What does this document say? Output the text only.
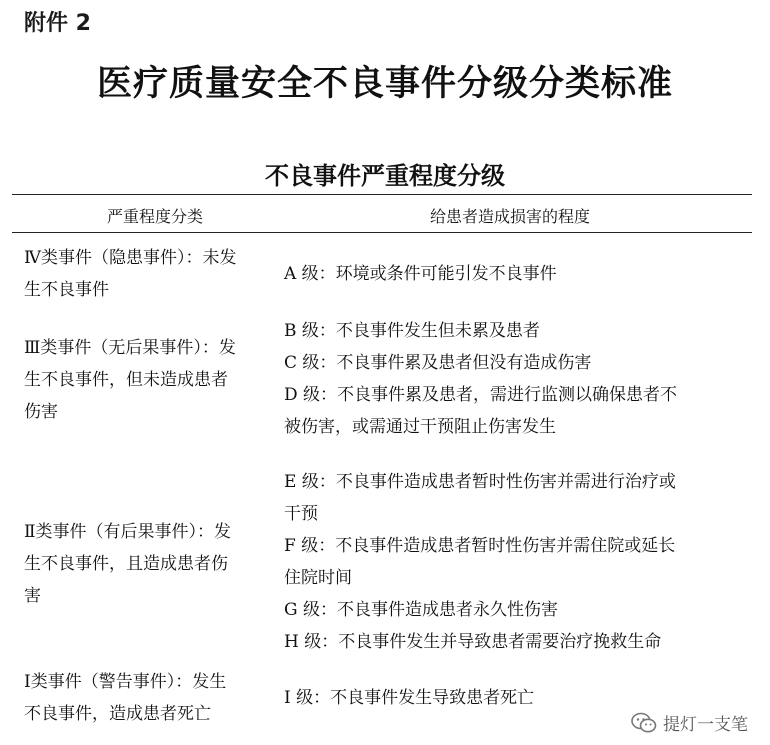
附件 2
医疗质量安全不良事件分级分类标准
不良事件严重程度分级
严重程度分类	给患者造成损害的程度
Ⅳ类事件（隐患事件）：未发
生不良事件
A 级：环境或条件可能引发不良事件
Ⅲ类事件（无后果事件）：发
生不良事件，但未造成患者
伤害
B 级：不良事件发生但未累及患者
C 级：不良事件累及患者但没有造成伤害
D 级：不良事件累及患者，需进行监测以确保患者不
被伤害，或需通过干预阻止伤害发生
Ⅱ类事件（有后果事件）：发
生不良事件，且造成患者伤
害
E 级：不良事件造成患者暂时性伤害并需进行治疗或
干预
F 级：不良事件造成患者暂时性伤害并需住院或延长
住院时间
G 级：不良事件造成患者永久性伤害
H 级：不良事件发生并导致患者需要治疗挽救生命
Ⅰ类事件（警告事件）：发生
不良事件，造成患者死亡
I 级：不良事件发生导致患者死亡
提灯一支笔
